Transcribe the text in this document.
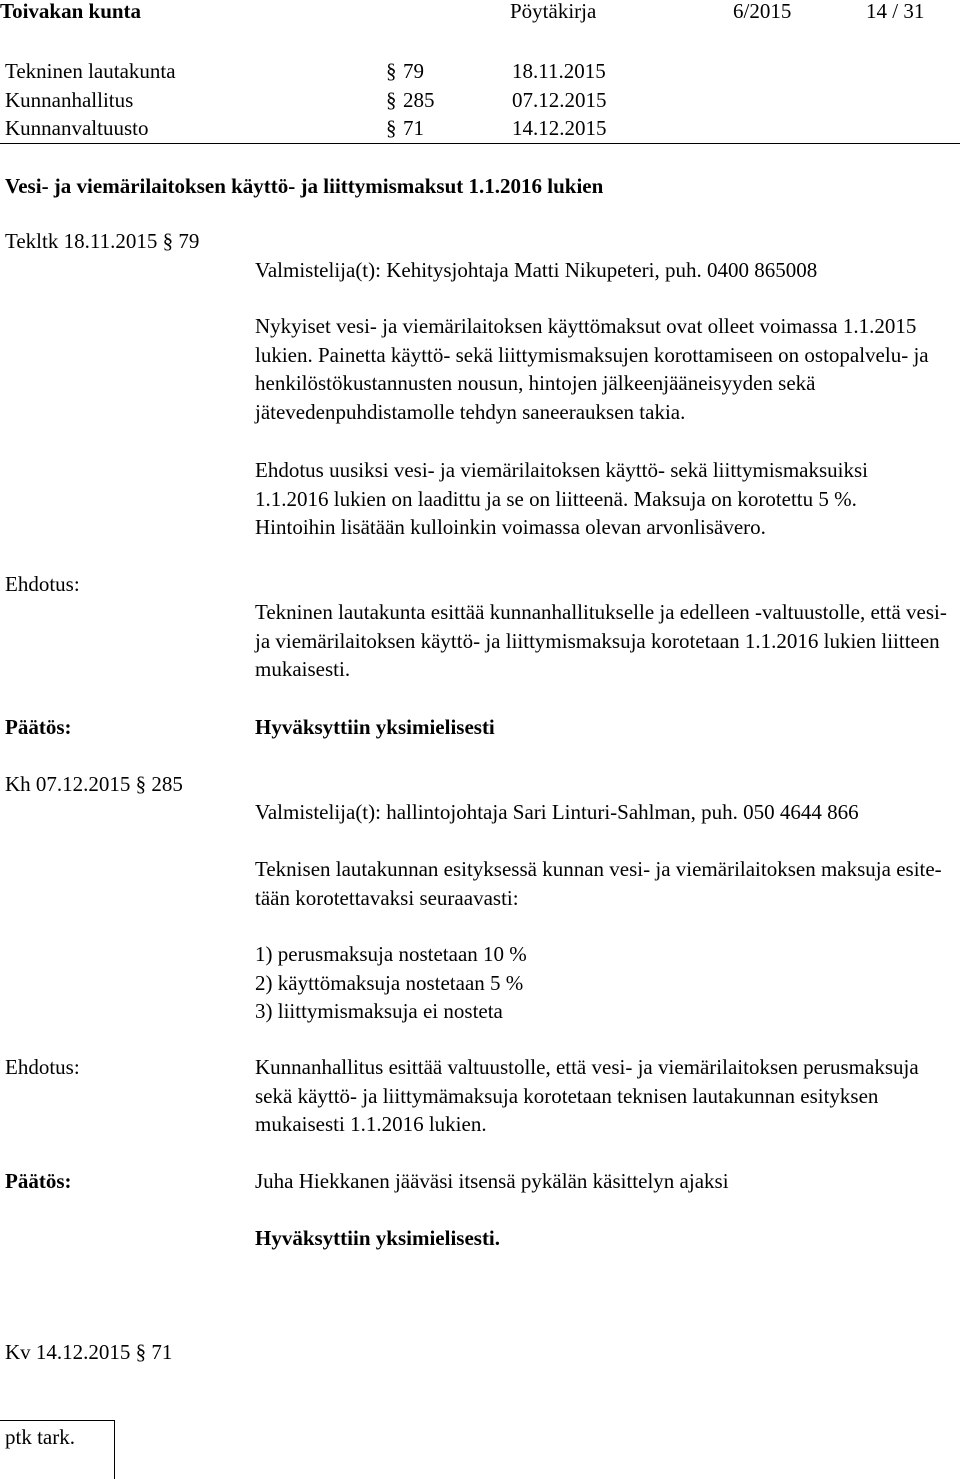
Toivakan kunta	Pöytäkirja	6/2015	14 / 31
Tekninen lautakunta	§ 79	18.11.2015
Kunnanhallitus	§ 285	07.12.2015
Kunnanvaltuusto	§ 71	14.12.2015
Vesi- ja viemärilaitoksen käyttö- ja liittymismaksut 1.1.2016 lukien
Tekltk 18.11.2015 § 79
Valmistelija(t): Kehitysjohtaja Matti Nikupeteri, puh. 0400 865008
Nykyiset vesi- ja viemärilaitoksen käyttömaksut ovat olleet voimassa 1.1.2015
lukien. Painetta käyttö- sekä liittymismaksujen korottamiseen on ostopalvelu- ja
henkilöstökustannusten nousun, hintojen jälkeenjääneisyyden sekä
jätevedenpuhdistamolle tehdyn saneerauksen takia.
Ehdotus uusiksi vesi- ja viemärilaitoksen käyttö- sekä liittymismaksuiksi
1.1.2016 lukien on laadittu ja se on liitteenä. Maksuja on korotettu 5 %.
Hintoihin lisätään kulloinkin voimassa olevan arvonlisävero.
Ehdotus:
Tekninen lautakunta esittää kunnanhallitukselle ja edelleen -valtuustolle, että vesi-
ja viemärilaitoksen käyttö- ja liittymismaksuja korotetaan 1.1.2016 lukien liitteen
mukaisesti.
Päätös:	Hyväksyttiin yksimielisesti
Kh 07.12.2015 § 285
Valmistelija(t): hallintojohtaja Sari Linturi-Sahlman, puh. 050 4644 866
Teknisen lautakunnan esityksessä kunnan vesi- ja viemärilaitoksen maksuja esite-
tään korotettavaksi seuraavasti:
1) perusmaksuja nostetaan 10 %
2) käyttömaksuja nostetaan 5 %
3) liittymismaksuja ei nosteta
Ehdotus:	Kunnanhallitus esittää valtuustolle, että vesi- ja viemärilaitoksen perusmaksuja
sekä käyttö- ja liittymämaksuja korotetaan teknisen lautakunnan esityksen
mukaisesti 1.1.2016 lukien.
Päätös:	Juha Hiekkanen jääväsi itsensä pykälän käsittelyn ajaksi
Hyväksyttiin yksimielisesti.
Kv 14.12.2015 § 71
ptk tark.
